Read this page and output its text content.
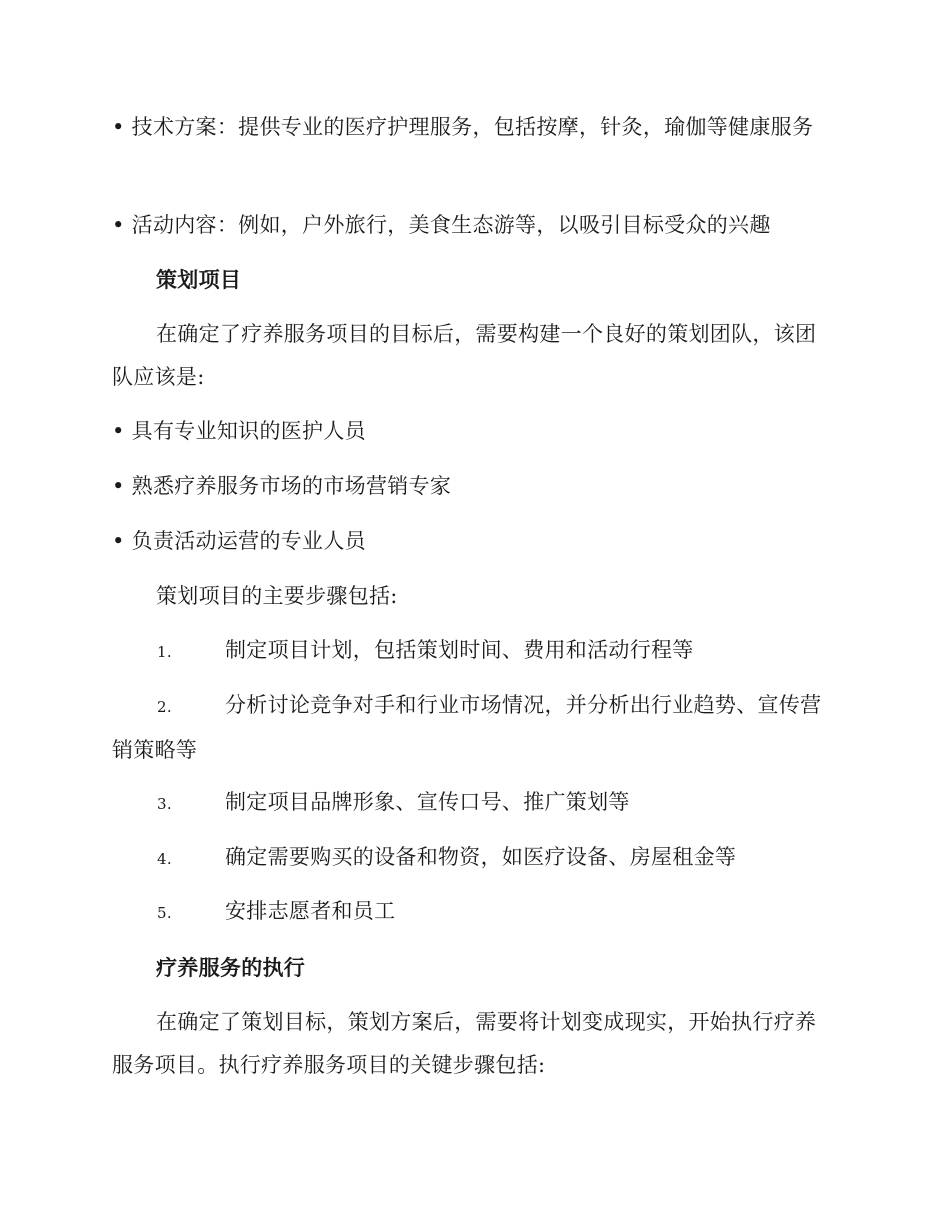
• 技术方案：提供专业的医疗护理服务，包括按摩，针灸，瑜伽等健康服务

• 活动内容：例如，户外旅行，美食生态游等，以吸引目标受众的兴趣

策划项目

在确定了疗养服务项目的目标后，需要构建一个良好的策划团队，该团队应该是:

• 具有专业知识的医护人员

• 熟悉疗养服务市场的市场营销专家

• 负责活动运营的专业人员

策划项目的主要步骤包括:

1.	制定项目计划，包括策划时间、费用和活动行程等

2.	分析讨论竞争对手和行业市场情况，并分析出行业趋势、宣传营销策略等

3.	制定项目品牌形象、宣传口号、推广策划等

4.	确定需要购买的设备和物资，如医疗设备、房屋租金等

5.	安排志愿者和员工

疗养服务的执行

在确定了策划目标，策划方案后，需要将计划变成现实，开始执行疗养服务项目。执行疗养服务项目的关键步骤包括:
